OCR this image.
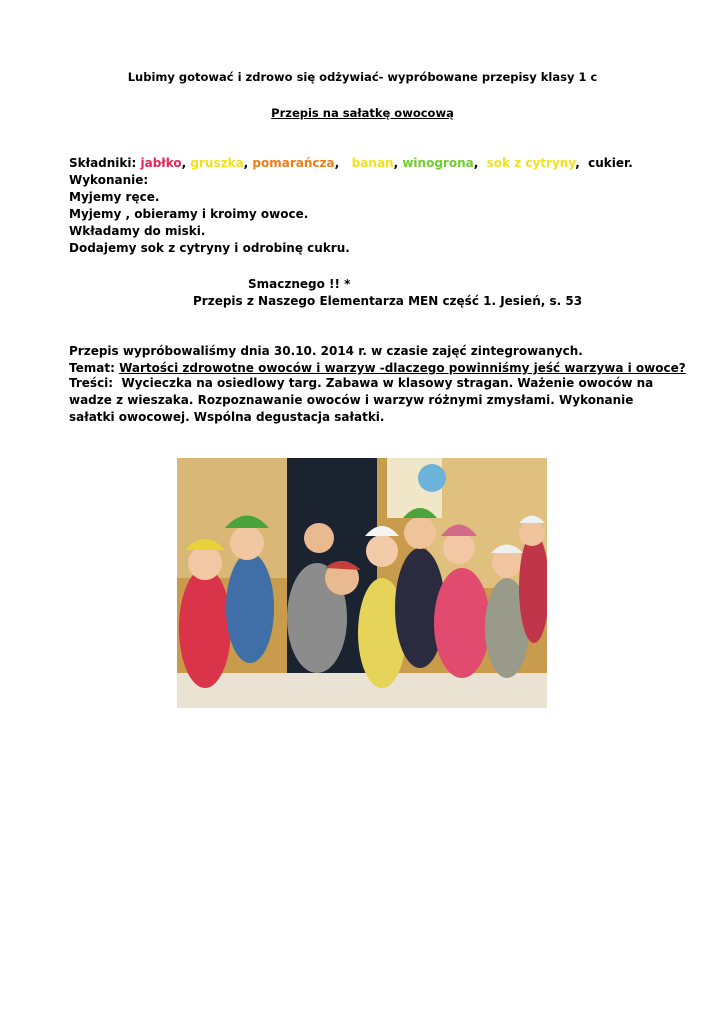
Lubimy gotować i zdrowo się odżywiać- wypróbowane przepisy klasy 1 c
Przepis na sałatkę owocową
Składniki: jabłko, gruszka, pomarańcza,   banan, winogrona,  sok z cytryny,  cukier.
Wykonanie:
Myjemy ręce.
Myjemy , obieramy i kroimy owoce.
Wkładamy do miski.
Dodajemy sok z cytryny i odrobinę cukru.
Smacznego !! *
Przepis z Naszego Elementarza MEN część 1. Jesień, s. 53
Przepis wypróbowaliśmy dnia 30.10. 2014 r. w czasie zajęć zintegrowanych.
Temat: Wartości zdrowotne owoców i warzyw -dlaczego powinniśmy jeść warzywa i owoce?
Treści: Wycieczka na osiedlowy targ. Zabawa w klasowy stragan. Ważenie owoców na wadze z wieszaka. Rozpoznawanie owoców i warzyw różnymi zmysłami. Wykonanie sałatki owocowej. Wspólna degustacja sałatki.
